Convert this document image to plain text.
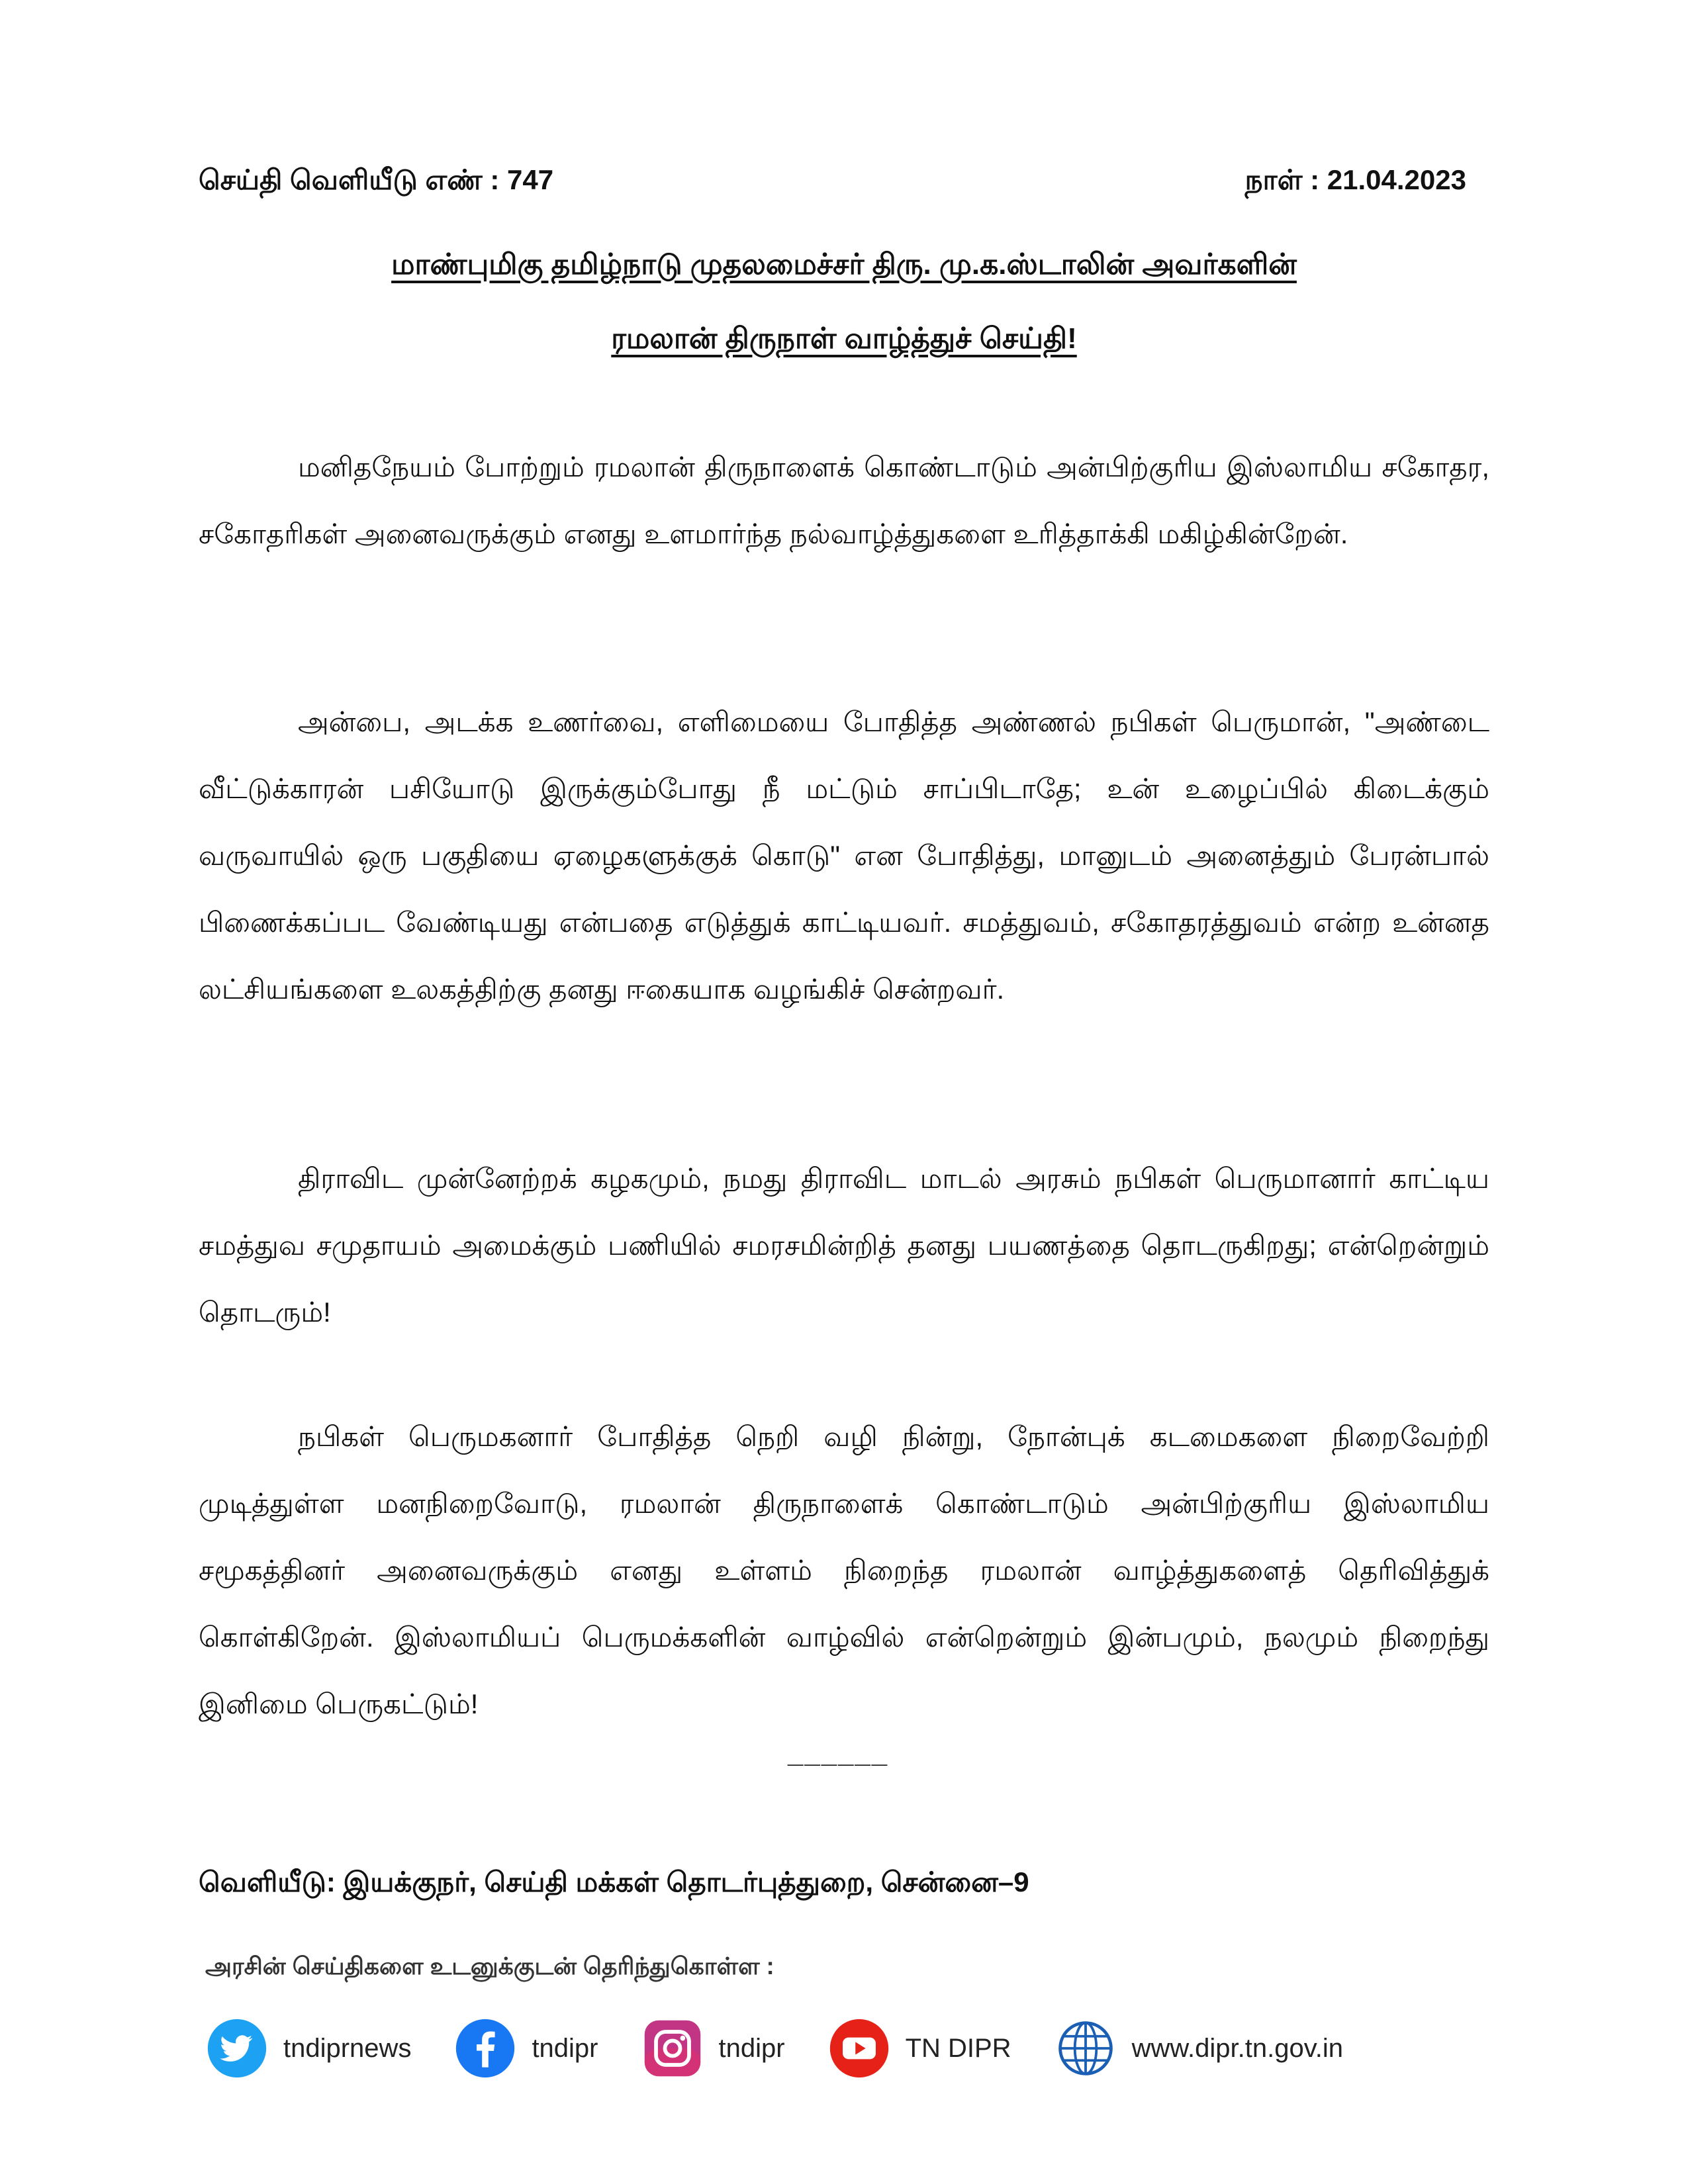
செய்தி வெளியீடு எண் : 747	நாள் : 21.04.2023
மாண்புமிகு தமிழ்நாடு முதலமைச்சர் திரு. மு.க.ஸ்டாலின் அவர்களின்
ரமலான் திருநாள் வாழ்த்துச் செய்தி!

மனிதநேயம் போற்றும் ரமலான் திருநாளைக் கொண்டாடும் அன்பிற்குரிய இஸ்லாமிய சகோதர, சகோதரிகள் அனைவருக்கும் எனது உளமார்ந்த நல்வாழ்த்துகளை உரித்தாக்கி மகிழ்கின்றேன்.

அன்பை, அடக்க உணர்வை, எளிமையை போதித்த அண்ணல் நபிகள் பெருமான், "அண்டை வீட்டுக்காரன் பசியோடு இருக்கும்போது நீ மட்டும் சாப்பிடாதே; உன் உழைப்பில் கிடைக்கும் வருவாயில் ஒரு பகுதியை ஏழைகளுக்குக் கொடு" என போதித்து, மானுடம் அனைத்தும் பேரன்பால் பிணைக்கப்பட வேண்டியது என்பதை எடுத்துக் காட்டியவர். சமத்துவம், சகோதரத்துவம் என்ற உன்னத லட்சியங்களை உலகத்திற்கு தனது ஈகையாக வழங்கிச் சென்றவர்.

திராவிட முன்னேற்றக் கழகமும், நமது திராவிட மாடல் அரசும் நபிகள் பெருமானார் காட்டிய சமத்துவ சமுதாயம் அமைக்கும் பணியில் சமரசமின்றித் தனது பயணத்தை தொடருகிறது; என்றென்றும் தொடரும்!

நபிகள் பெருமகனார் போதித்த நெறி வழி நின்று, நோன்புக் கடமைகளை நிறைவேற்றி முடித்துள்ள மனநிறைவோடு, ரமலான் திருநாளைக் கொண்டாடும் அன்பிற்குரிய இஸ்லாமிய சமூகத்தினர் அனைவருக்கும் எனது உள்ளம் நிறைந்த ரமலான் வாழ்த்துகளைத் தெரிவித்துக் கொள்கிறேன். இஸ்லாமியப் பெருமக்களின் வாழ்வில் என்றென்றும் இன்பமும், நலமும் நிறைந்து இனிமை பெருகட்டும்!

______
வெளியீடு: இயக்குநர், செய்தி மக்கள் தொடர்புத்துறை, சென்னை–9
அரசின் செய்திகளை உடனுக்குடன் தெரிந்துகொள்ள :
tndiprnews	tndipr	tndipr	TN DIPR	www.dipr.tn.gov.in
